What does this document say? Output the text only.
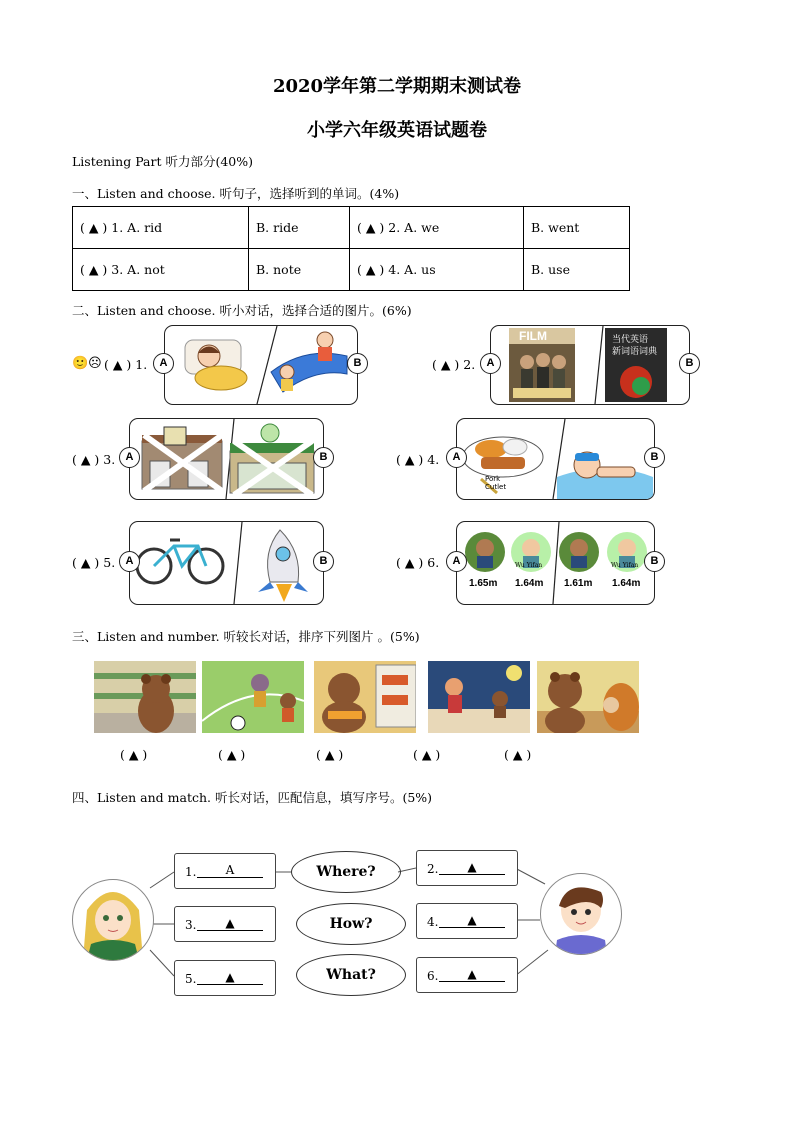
2020学年第二学期期末测试卷
小学六年级英语试题卷
Listening Part 听力部分(40%)
一、Listen and choose. 听句子，选择听到的单词。(4%)
( ▲ ) 1. A. rid	B. ride	( ▲ ) 2. A. we	B. went
( ▲ ) 3. A. not	B. note	( ▲ ) 4. A. us	B. use
二、Listen and choose. 听小对话，选择合适的图片。(6%)
🙂☹ ( ▲ ) 1.	A	B	( ▲ ) 2.
FILM	当代英语
新词语词典
A	B
( ▲ ) 3. A	B	( ▲ ) 4.
Pork Cutlet
A	B
( ▲ ) 5. A	B	( ▲ ) 6.	Wu Yifan	Wu Yifan
1.65m 1.64m 1.61m 1.64m
A	B
三、Listen and number. 听较长对话，排序下列图片 。(5%)
( ▲ )	( ▲ )	( ▲ )	( ▲ )	( ▲ )
四、Listen and match. 听长对话，匹配信息，填写序号。(5%)
1.	A
3.	▲
5.	▲
Where?
How?
What?
2.	▲
4.	▲
6.	▲
